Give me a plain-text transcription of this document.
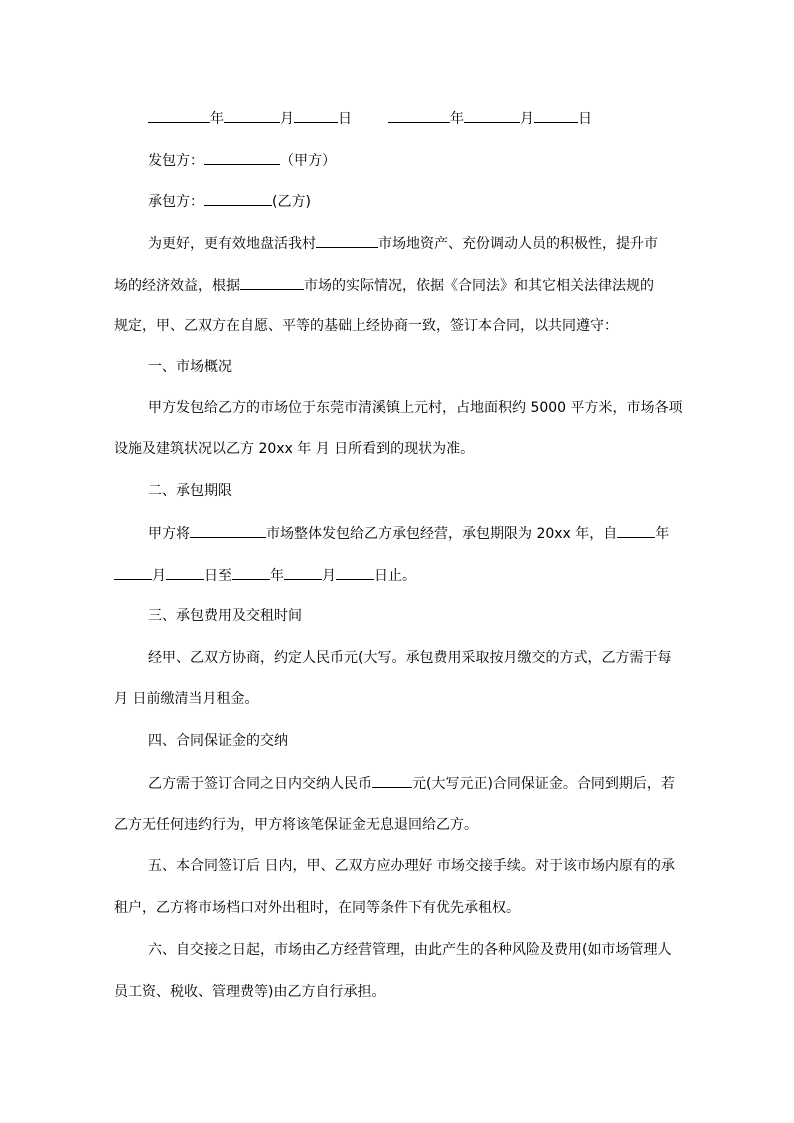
年	月	日	年	月	日
发包方：	（甲方）
承包方：	(乙方)
为更好，更有效地盘活我村	市场地资产、充份调动人员的积极性，提升市
场的经济效益，根据	市场的实际情况，依据《合同法》和其它相关法律法规的
规定，甲、乙双方在自愿、平等的基础上经协商一致，签订本合同，以共同遵守：
一、市场概况
甲方发包给乙方的市场位于东莞市清溪镇上元村，占地面积约 5000 平方米，市场各项
设施及建筑状况以乙方 20xx 年 月 日所看到的现状为准。
二、承包期限
甲方将	市场整体发包给乙方承包经营，承包期限为 20xx 年，自	年
月	日至	年	月	日止。
三、承包费用及交租时间
经甲、乙双方协商，约定人民币元(大写。承包费用采取按月缴交的方式，乙方需于每
月 日前缴清当月租金。
四、合同保证金的交纳
乙方需于签订合同之日内交纳人民币	元(大写元正)合同保证金。合同到期后，若
乙方无任何违约行为，甲方将该笔保证金无息退回给乙方。
五、本合同签订后 日内，甲、乙双方应办理好 市场交接手续。对于该市场内原有的承
租户，乙方将市场档口对外出租时，在同等条件下有优先承租权。
六、自交接之日起，市场由乙方经营管理，由此产生的各种风险及费用(如市场管理人
员工资、税收、管理费等)由乙方自行承担。
